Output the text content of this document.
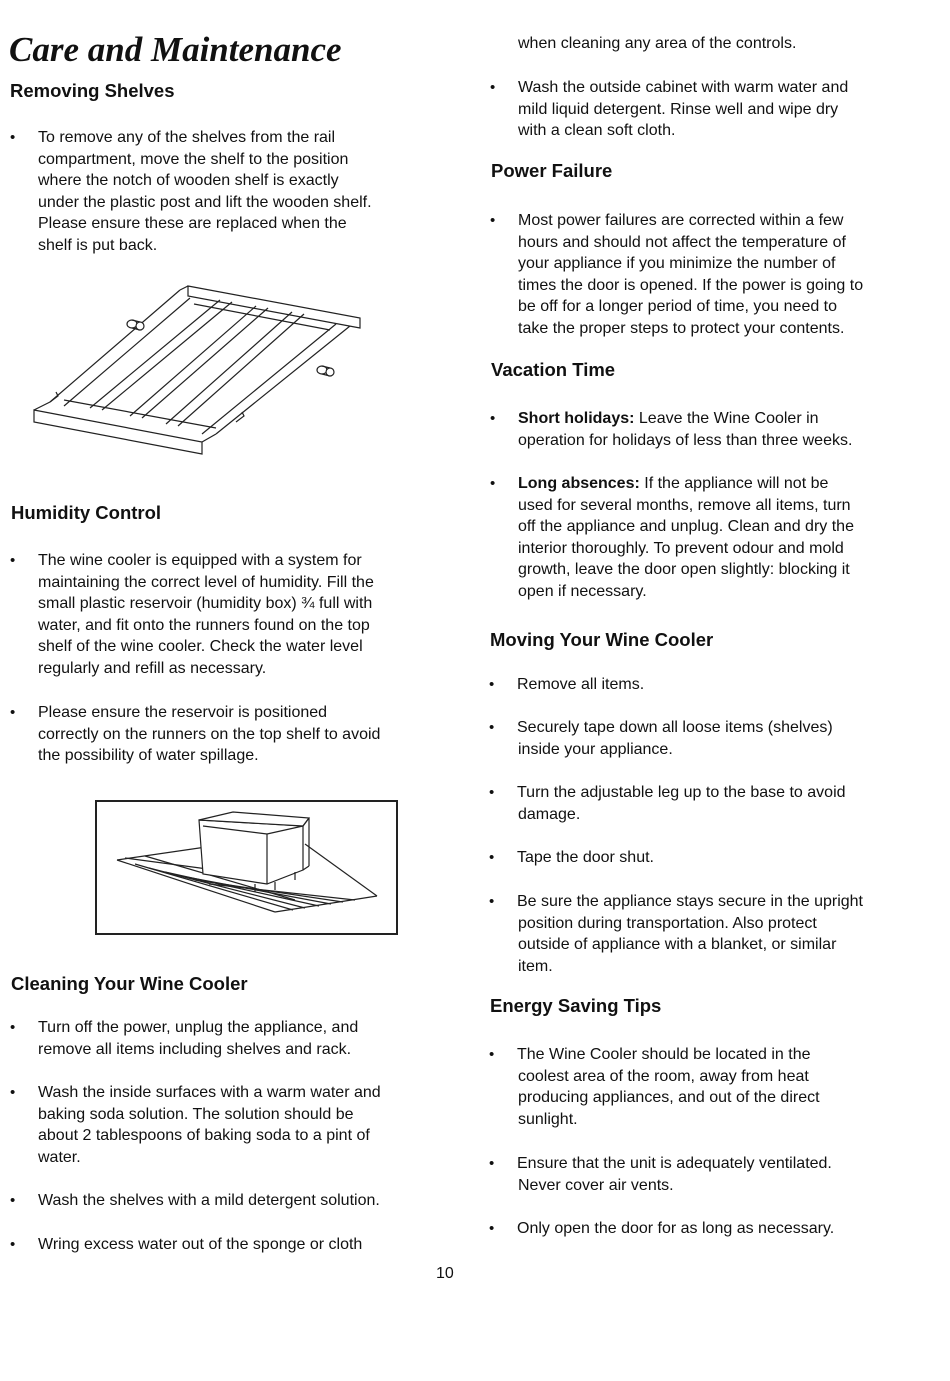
Care and Maintenance
Removing Shelves
• To remove any of the shelves from the rail
compartment, move the shelf to the position
where the notch of wooden shelf is exactly
under the plastic post and lift the wooden shelf.
Please ensure these are replaced when the
shelf is put back.
Humidity Control
• The wine cooler is equipped with a system for
maintaining the correct level of humidity. Fill the
small plastic reservoir (humidity box) ¾ full with
water, and fit onto the runners found on the top
shelf of the wine cooler. Check the water level
regularly and refill as necessary.
• Please ensure the reservoir is positioned
correctly on the runners on the top shelf to avoid
the possibility of water spillage.
Cleaning Your Wine Cooler
• Turn off the power, unplug the appliance, and
remove all items including shelves and rack.
• Wash the inside surfaces with a warm water and
baking soda solution. The solution should be
about 2 tablespoons of baking soda to a pint of
water.
• Wash the shelves with a mild detergent solution.
• Wring excess water out of the sponge or cloth
when cleaning any area of the controls.
• Wash the outside cabinet with warm water and
mild liquid detergent. Rinse well and wipe dry
with a clean soft cloth.
Power Failure
• Most power failures are corrected within a few
hours and should not affect the temperature of
your appliance if you minimize the number of
times the door is opened. If the power is going to
be off for a longer period of time, you need to
take the proper steps to protect your contents.
Vacation Time
• Short holidays: Leave the Wine Cooler in
operation for holidays of less than three weeks.
• Long absences: If the appliance will not be
used for several months, remove all items, turn
off the appliance and unplug. Clean and dry the
interior thoroughly. To prevent odour and mold
growth, leave the door open slightly: blocking it
open if necessary.
Moving Your Wine Cooler
• Remove all items.
• Securely tape down all loose items (shelves)
inside your appliance.
• Turn the adjustable leg up to the base to avoid
damage.
• Tape the door shut.
• Be sure the appliance stays secure in the upright
position during transportation. Also protect
outside of appliance with a blanket, or similar
item.
Energy Saving Tips
• The Wine Cooler should be located in the
coolest area of the room, away from heat
producing appliances, and out of the direct
sunlight.
• Ensure that the unit is adequately ventilated.
Never cover air vents.
• Only open the door for as long as necessary.
10
